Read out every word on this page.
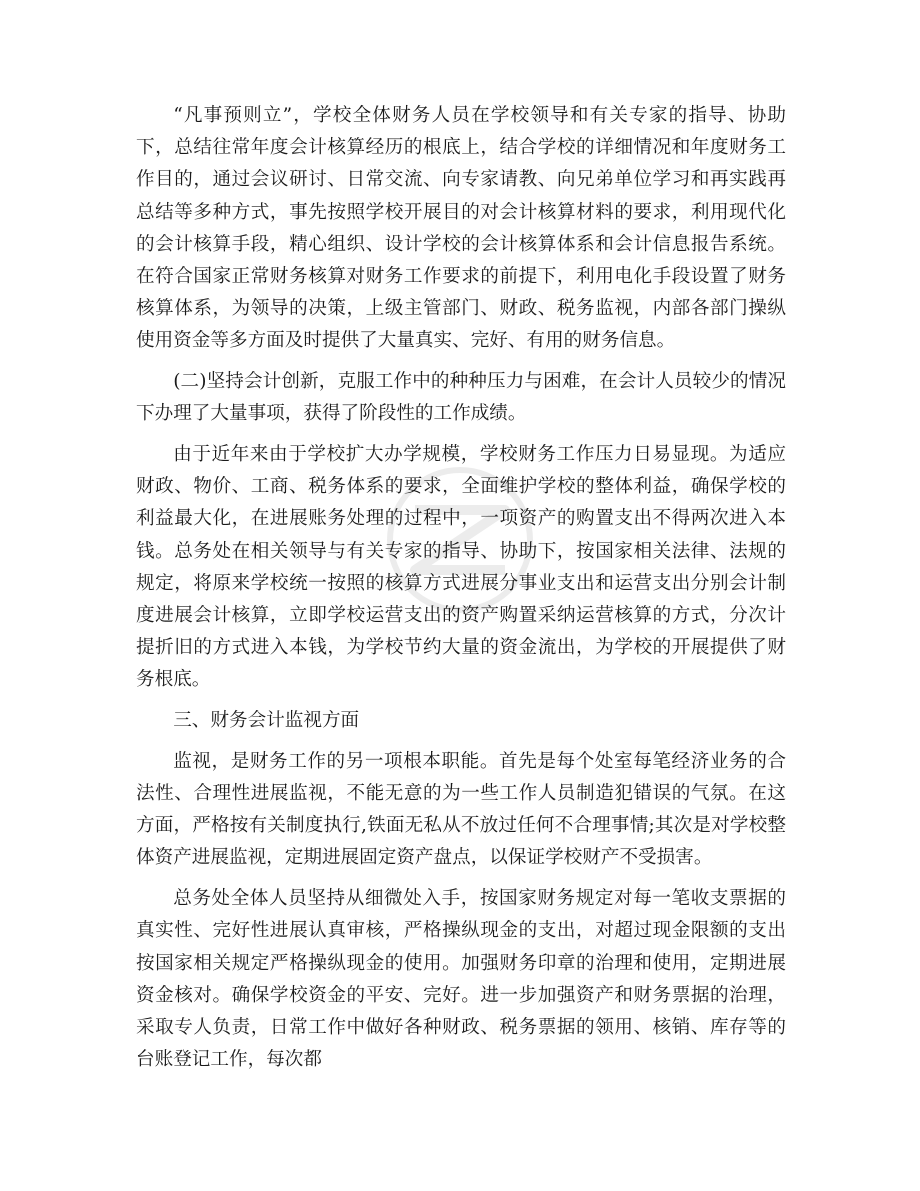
“凡事预则立”，学校全体财务人员在学校领导和有关专家的指导、协助下，总结往常年度会计核算经历的根底上，结合学校的详细情况和年度财务工作目的，通过会议研讨、日常交流、向专家请教、向兄弟单位学习和再实践再总结等多种方式，事先按照学校开展目的对会计核算材料的要求，利用现代化的会计核算手段，精心组织、设计学校的会计核算体系和会计信息报告系统。在符合国家正常财务核算对财务工作要求的前提下，利用电化手段设置了财务核算体系，为领导的决策，上级主管部门、财政、税务监视，内部各部门操纵使用资金等多方面及时提供了大量真实、完好、有用的财务信息。

(二)坚持会计创新，克服工作中的种种压力与困难，在会计人员较少的情况下办理了大量事项，获得了阶段性的工作成绩。

由于近年来由于学校扩大办学规模，学校财务工作压力日易显现。为适应财政、物价、工商、税务体系的要求，全面维护学校的整体利益，确保学校的利益最大化，在进展账务处理的过程中，一项资产的购置支出不得两次进入本钱。总务处在相关领导与有关专家的指导、协助下，按国家相关法律、法规的规定，将原来学校统一按照的核算方式进展分事业支出和运营支出分别会计制度进展会计核算，立即学校运营支出的资产购置采纳运营核算的方式，分次计提折旧的方式进入本钱，为学校节约大量的资金流出，为学校的开展提供了财务根底。

三、财务会计监视方面

监视，是财务工作的另一项根本职能。首先是每个处室每笔经济业务的合法性、合理性进展监视，不能无意的为一些工作人员制造犯错误的气氛。在这方面，严格按有关制度执行,铁面无私从不放过任何不合理事情;其次是对学校整体资产进展监视，定期进展固定资产盘点，以保证学校财产不受损害。

总务处全体人员坚持从细微处入手，按国家财务规定对每一笔收支票据的真实性、完好性进展认真审核，严格操纵现金的支出，对超过现金限额的支出按国家相关规定严格操纵现金的使用。加强财务印章的治理和使用，定期进展资金核对。确保学校资金的平安、完好。进一步加强资产和财务票据的治理，采取专人负责，日常工作中做好各种财政、税务票据的领用、核销、库存等的台账登记工作，每次都
